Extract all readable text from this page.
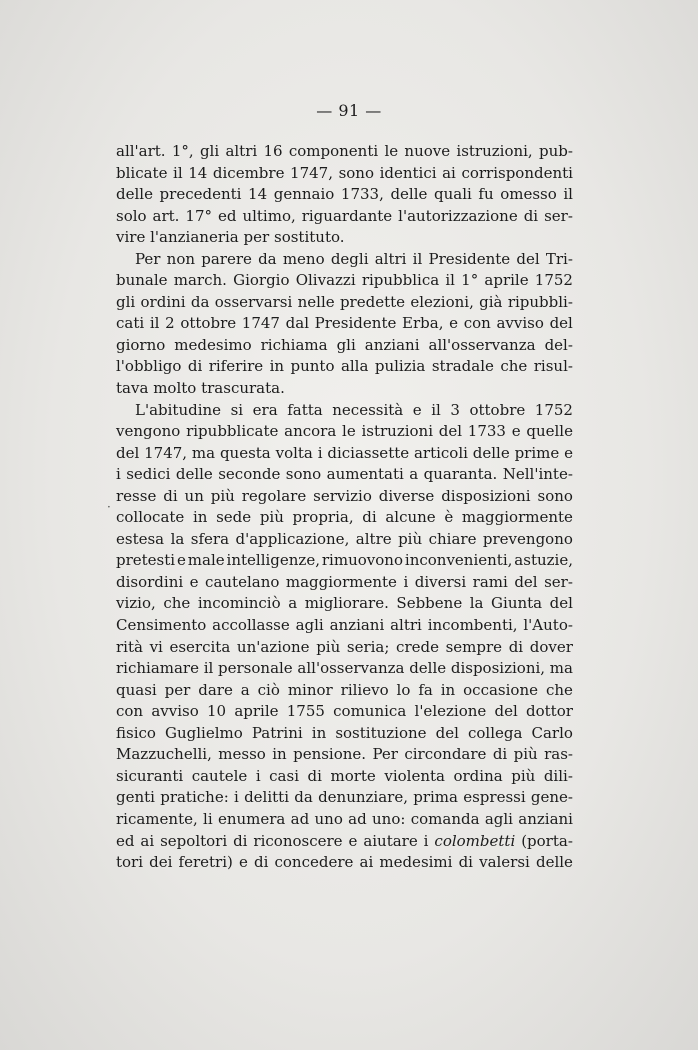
— 91 —
all'art. 1°, gli altri 16 componenti le nuove istruzioni, pub-
blicate il 14 dicembre 1747, sono identici ai corrispondenti
delle precedenti 14 gennaio 1733, delle quali fu omesso il
solo art. 17° ed ultimo, riguardante l'autorizzazione di ser-
vire l'anzianeria per sostituto.
Per non parere da meno degli altri il Presidente del Tri-
bunale march. Giorgio Olivazzi ripubblica il 1° aprile 1752
gli ordini da osservarsi nelle predette elezioni, già ripubbli-
cati il 2 ottobre 1747 dal Presidente Erba, e con avviso del
giorno medesimo richiama gli anziani all'osservanza del-
l'obbligo di riferire in punto alla pulizia stradale che risul-
tava molto trascurata.
L'abitudine si era fatta necessità e il 3 ottobre 1752
vengono ripubblicate ancora le istruzioni del 1733 e quelle
del 1747, ma questa volta i diciassette articoli delle prime e
i sedici delle seconde sono aumentati a quaranta. Nell'inte-
resse di un più regolare servizio diverse disposizioni sono
collocate in sede più propria, di alcune è maggiormente
estesa la sfera d'applicazione, altre più chiare prevengono
pretesti e male intelligenze, rimuovono inconvenienti, astuzie,
disordini e cautelano maggiormente i diversi rami del ser-
vizio, che incominciò a migliorare. Sebbene la Giunta del
Censimento accollasse agli anziani altri incombenti, l'Auto-
rità vi esercita un'azione più seria; crede sempre di dover
richiamare il personale all'osservanza delle disposizioni, ma
quasi per dare a ciò minor rilievo lo fa in occasione che
con avviso 10 aprile 1755 comunica l'elezione del dottor
fisico Guglielmo Patrini in sostituzione del collega Carlo
Mazzuchelli, messo in pensione. Per circondare di più ras-
sicuranti cautele i casi di morte violenta ordina più dili-
genti pratiche: i delitti da denunziare, prima espressi gene-
ricamente, li enumera ad uno ad uno: comanda agli anziani
ed ai sepoltori di riconoscere e aiutare i colombetti (porta-
tori dei feretri) e di concedere ai medesimi di valersi delle
·
